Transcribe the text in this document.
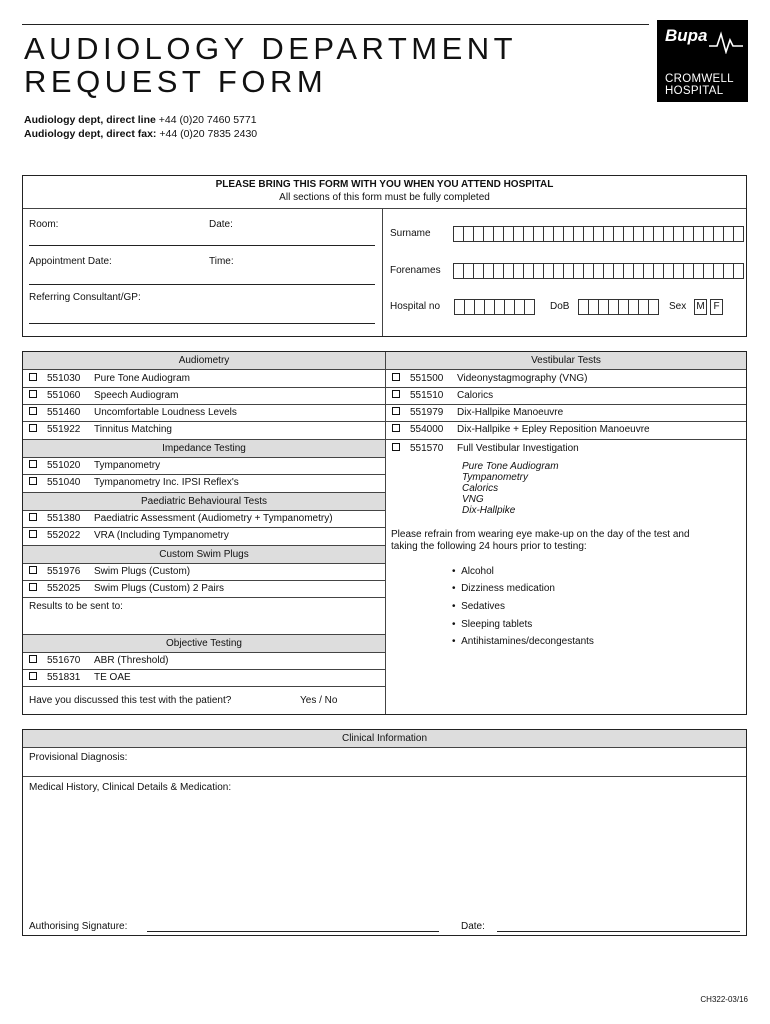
AUDIOLOGY DEPARTMENT
REQUEST FORM
Bupa
CROMWELL
HOSPITAL
Audiology dept, direct line +44 (0)20 7460 5771
Audiology dept, direct fax: +44 (0)20 7835 2430
PLEASE BRING THIS FORM WITH YOU WHEN YOU ATTEND HOSPITAL
All sections of this form must be fully completed
Room:	Date:
Appointment Date:	Time:
Referring Consultant/GP:
Surname
Forenames
Hospital no	DoB	Sex M F
Audiometry
551030 Pure Tone Audiogram
551060 Speech Audiogram
551460 Uncomfortable Loudness Levels
551922 Tinnitus Matching
Impedance Testing
551020 Tympanometry
551040 Tympanometry Inc. IPSI Reflex's
Paediatric Behavioural Tests
551380 Paediatric Assessment (Audiometry + Tympanometry)
552022 VRA (Including Tympanometry
Custom Swim Plugs
551976 Swim Plugs (Custom)
552025 Swim Plugs (Custom) 2 Pairs
Results to be sent to:
Objective Testing
551670 ABR (Threshold)
551831 TE OAE
Have you discussed this test with the patient?	Yes / No
Vestibular Tests
551500 Videonystagmography (VNG)
551510 Calorics
551979 Dix-Hallpike Manoeuvre
554000 Dix-Hallpike + Epley Reposition Manoeuvre
551570 Full Vestibular Investigation
Pure Tone Audiogram
Tympanometry
Calorics
VNG
Dix-Hallpike
Please refrain from wearing eye make-up on the day of the test and
taking the following 24 hours prior to testing:
•  Alcohol
•  Dizziness medication
•  Sedatives
•  Sleeping tablets
•  Antihistamines/decongestants
Clinical Information
Provisional Diagnosis:
Medical History, Clinical Details & Medication:
Authorising Signature:	Date:
CH322-03/16
